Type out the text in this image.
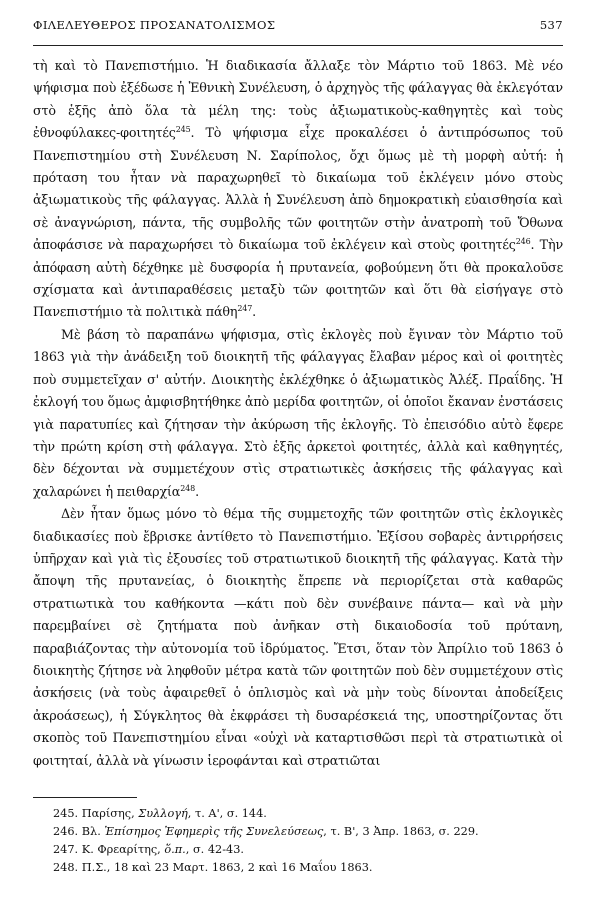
ΦΙΛΕΛΕΥΘΕΡΟΣ ΠΡΟΣΑΝΑΤΟΛΙΣΜΟΣ	537

τὴ καὶ τὸ Πανεπιστήμιο. Ἡ διαδικασία ἄλλαξε τὸν Μάρτιο τοῦ 1863. Μὲ νέο ψήφισμα ποὺ ἐξέδωσε ἡ Ἐθνικὴ Συνέλευση, ὁ ἀρχηγὸς τῆς φάλαγγας θὰ ἐκλεγόταν στὸ ἑξῆς ἀπὸ ὅλα τὰ μέλη της: τοὺς ἀξιωματικοὺς-καθηγητὲς καὶ τοὺς ἐθνοφύλακες-φοιτητές$^{245}$. Τὸ ψήφισμα εἶχε προκαλέσει ὁ ἀντιπρόσωπος τοῦ Πανεπιστημίου στὴ Συνέλευση Ν. Σαρίπολος, ὄχι ὅμως μὲ τὴ μορφὴ αὐτή: ἡ πρόταση του ἦταν νὰ παραχωρηθεῖ τὸ δικαίωμα τοῦ ἐκλέγειν μόνο στοὺς ἀξιωματικοὺς τῆς φάλαγγας. Ἀλλὰ ἡ Συνέλευση ἀπὸ δημοκρατικὴ εὐαισθησία καὶ σὲ ἀναγνώριση, πάντα, τῆς συμβολῆς τῶν φοιτητῶν στὴν ἀνατροπὴ τοῦ Ὄθωνα ἀποφάσισε νὰ παραχωρήσει τὸ δικαίωμα τοῦ ἐκλέγειν καὶ στοὺς φοιτητές$^{246}$. Τὴν ἀπόφαση αὐτὴ δέχθηκε μὲ δυσφορία ἡ πρυτανεία, φοβούμενη ὅτι θὰ προκαλοῦσε σχίσματα καὶ ἀντιπαραθέσεις μεταξὺ τῶν φοιτητῶν καὶ ὅτι θὰ εἰσήγαγε στὸ Πανεπιστήμιο τὰ πολιτικὰ πάθη$^{247}$.

Μὲ βάση τὸ παραπάνω ψήφισμα, στὶς ἐκλογὲς ποὺ ἔγιναν τὸν Μάρτιο τοῦ 1863 γιὰ τὴν ἀνάδειξη τοῦ διοικητῆ τῆς φάλαγγας ἔλαβαν μέρος καὶ οἱ φοιτητὲς ποὺ συμμετεῖχαν σ' αὐτήν. Διοικητὴς ἐκλέχθηκε ὁ ἀξιωματικὸς Ἀλέξ. Πραΐδης. Ἡ ἐκλογή του ὅμως ἀμφισβητήθηκε ἀπὸ μερίδα φοιτητῶν, οἱ ὁποῖοι ἔκαναν ἐνστάσεις γιὰ παρατυπίες καὶ ζήτησαν τὴν ἀκύρωση τῆς ἐκλογῆς. Τὸ ἐπεισόδιο αὐτὸ ἔφερε τὴν πρώτη κρίση στὴ φάλαγγα. Στὸ ἑξῆς ἀρκετοὶ φοιτητές, ἀλλὰ καὶ καθηγητές, δὲν δέχονται νὰ συμμετέχουν στὶς στρατιωτικὲς ἀσκήσεις τῆς φάλαγγας καὶ χαλαρώνει ἡ πειθαρχία$^{248}$.

Δὲν ἦταν ὅμως μόνο τὸ θέμα τῆς συμμετοχῆς τῶν φοιτητῶν στὶς ἐκλογικὲς διαδικασίες ποὺ ἔβρισκε ἀντίθετο τὸ Πανεπιστήμιο. Ἐξίσου σοβαρὲς ἀντιρρήσεις ὑπῆρχαν καὶ γιὰ τὶς ἐξουσίες τοῦ στρατιωτικοῦ διοικητῆ τῆς φάλαγγας. Κατὰ τὴν ἄποψη τῆς πρυτανείας, ὁ διοικητὴς ἔπρεπε νὰ περιορίζεται στὰ καθαρῶς στρατιωτικὰ του καθήκοντα —κάτι ποὺ δὲν συνέβαινε πάντα— καὶ νὰ μὴν παρεμβαίνει σὲ ζητήματα ποὺ ἀνῆκαν στὴ δικαιοδοσία τοῦ πρύτανη, παραβιάζοντας τὴν αὐτονομία τοῦ ἱδρύματος. Ἔτσι, ὅταν τὸν Ἀπρίλιο τοῦ 1863 ὁ διοικητὴς ζήτησε νὰ ληφθοῦν μέτρα κατὰ τῶν φοιτητῶν ποὺ δὲν συμμετέχουν στὶς ἀσκήσεις (νὰ τοὺς ἀφαιρεθεῖ ὁ ὁπλισμὸς καὶ νὰ μὴν τοὺς δίνονται ἀποδείξεις ἀκροάσεως), ἡ Σύγκλητος θὰ ἐκφράσει τὴ δυσαρέσκειά της, υποστηρίζοντας ὅτι σκοπὸς τοῦ Πανεπιστημίου εἶναι «οὐχὶ νὰ καταρτισθῶσι περὶ τὰ στρατιωτικὰ οἱ φοιτηταί, ἀλλὰ νὰ γίνωσιν ἱεροφάνται καὶ στρατιῶται

245. Παρίσης, Συλλογή, τ. Α', σ. 144.

246. Βλ. Ἐπίσημος Ἐφημερὶς τῆς Συνελεύσεως, τ. Β', 3 Ἀπρ. 1863, σ. 229.

247. Κ. Φρεαρίτης, ὅ.π., σ. 42-43.

248. Π.Σ., 18 καὶ 23 Μαρτ. 1863, 2 καὶ 16 Μαΐου 1863.
